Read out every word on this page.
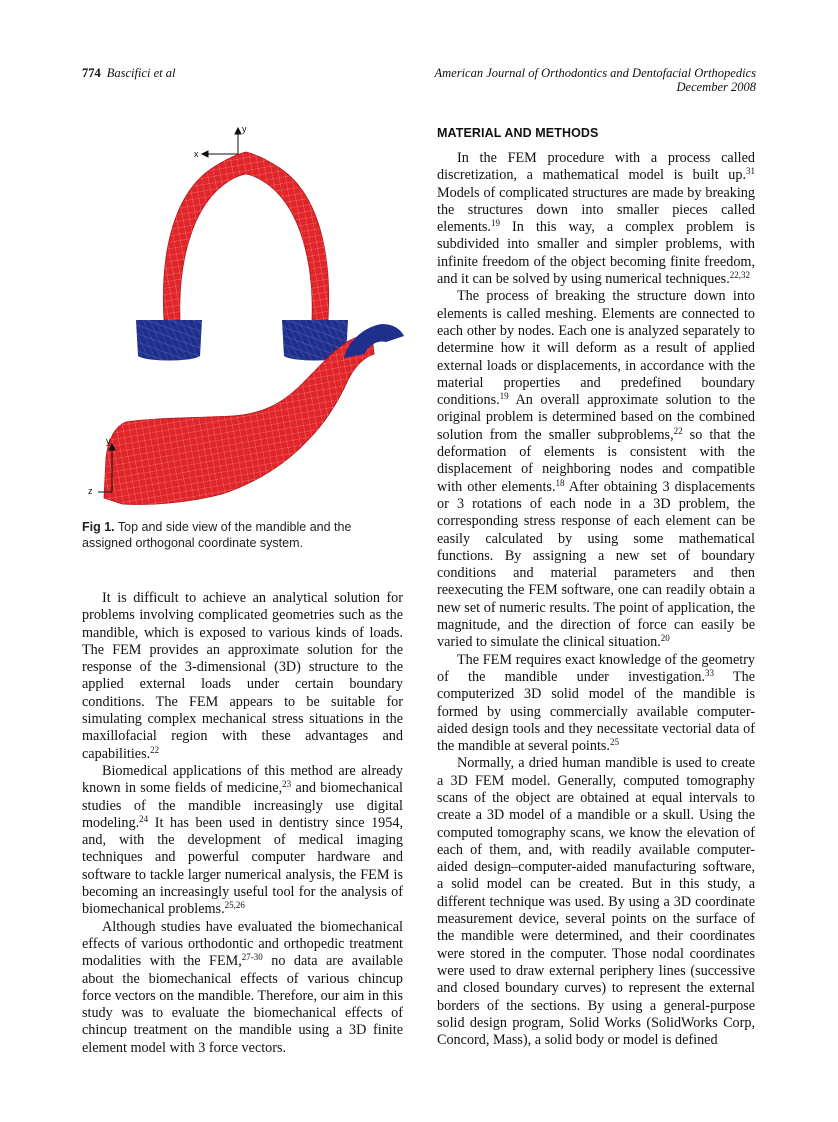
774 Bascifici et al	American Journal of Orthodontics and Dentofacial Orthopedics
December 2008
y
x
y
z
Fig 1. Top and side view of the mandible and the assigned orthogonal coordinate system.

It is difficult to achieve an analytical solution for problems involving complicated geometries such as the mandible, which is exposed to various kinds of loads. The FEM provides an approximate solution for the response of the 3-dimensional (3D) structure to the applied external loads under certain boundary conditions. The FEM appears to be suitable for simulating complex mechanical stress situations in the maxillofacial region with these advantages and capabilities.$^{22}$

Biomedical applications of this method are already known in some fields of medicine,$^{23}$ and biomechanical studies of the mandible increasingly use digital modeling.$^{24}$ It has been used in dentistry since 1954, and, with the development of medical imaging techniques and powerful computer hardware and software to tackle larger numerical analysis, the FEM is becoming an increasingly useful tool for the analysis of biomechanical problems.$^{25,26}$

Although studies have evaluated the biomechanical effects of various orthodontic and orthopedic treatment modalities with the FEM,$^{27-30}$ no data are available about the biomechanical effects of various chincup force vectors on the mandible. Therefore, our aim in this study was to evaluate the biomechanical effects of chincup treatment on the mandible using a 3D finite element model with 3 force vectors.

MATERIAL AND METHODS

In the FEM procedure with a process called discretization, a mathematical model is built up.$^{31}$ Models of complicated structures are made by breaking the structures down into smaller pieces called elements.$^{19}$ In this way, a complex problem is subdivided into smaller and simpler problems, with infinite freedom of the object becoming finite freedom, and it can be solved by using numerical techniques.$^{22,32}$

The process of breaking the structure down into elements is called meshing. Elements are connected to each other by nodes. Each one is analyzed separately to determine how it will deform as a result of applied external loads or displacements, in accordance with the material properties and predefined boundary conditions.$^{19}$ An overall approximate solution to the original problem is determined based on the combined solution from the smaller subproblems,$^{22}$ so that the deformation of elements is consistent with the displacement of neighboring nodes and compatible with other elements.$^{18}$ After obtaining 3 displacements or 3 rotations of each node in a 3D problem, the corresponding stress response of each element can be easily calculated by using some mathematical functions. By assigning a new set of boundary conditions and material parameters and then reexecuting the FEM software, one can readily obtain a new set of numeric results. The point of application, the magnitude, and the direction of force can easily be varied to simulate the clinical situation.$^{20}$

The FEM requires exact knowledge of the geometry of the mandible under investigation.$^{33}$ The computerized 3D solid model of the mandible is formed by using commercially available computer-aided design tools and they necessitate vectorial data of the mandible at several points.$^{25}$

Normally, a dried human mandible is used to create a 3D FEM model. Generally, computed tomography scans of the object are obtained at equal intervals to create a 3D model of a mandible or a skull. Using the computed tomography scans, we know the elevation of each of them, and, with readily available computer-aided design–computer-aided manufacturing software, a solid model can be created. But in this study, a different technique was used. By using a 3D coordinate measurement device, several points on the surface of the mandible were determined, and their coordinates were stored in the computer. Those nodal coordinates were used to draw external periphery lines (successive and closed boundary curves) to represent the external borders of the sections. By using a general-purpose solid design program, Solid Works (SolidWorks Corp, Concord, Mass), a solid body or model is defined
